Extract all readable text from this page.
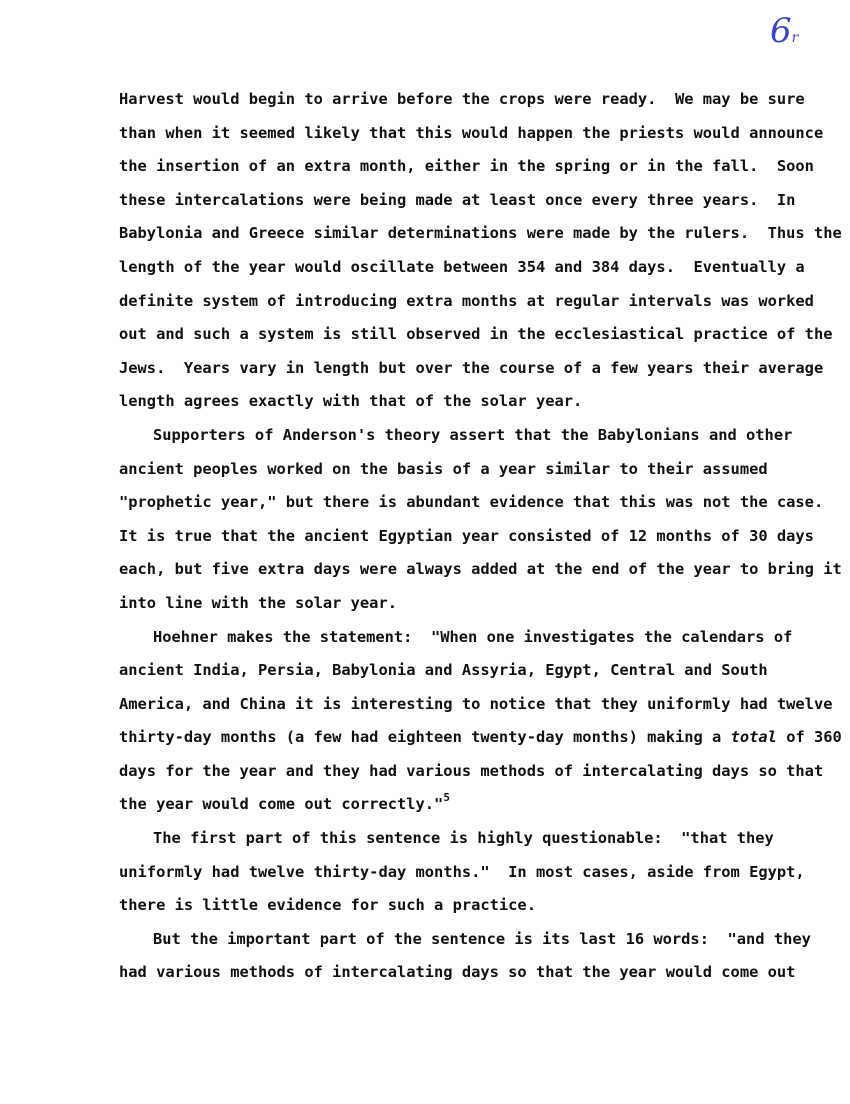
6r
Harvest would begin to arrive before the crops were ready.  We may be sure
than when it seemed likely that this would happen the priests would announce
the insertion of an extra month, either in the spring or in the fall.  Soon
these intercalations were being made at least once every three years.  In
Babylonia and Greece similar determinations were made by the rulers.  Thus the
length of the year would oscillate between 354 and 384 days.  Eventually a
definite system of introducing extra months at regular intervals was worked
out and such a system is still observed in the ecclesiastical practice of the
Jews.  Years vary in length but over the course of a few years their average
length agrees exactly with that of the solar year.
Supporters of Anderson's theory assert that the Babylonians and other
ancient peoples worked on the basis of a year similar to their assumed
"prophetic year," but there is abundant evidence that this was not the case.
It is true that the ancient Egyptian year consisted of 12 months of 30 days
each, but five extra days were always added at the end of the year to bring it
into line with the solar year.
Hoehner makes the statement:  "When one investigates the calendars of
ancient India, Persia, Babylonia and Assyria, Egypt, Central and South
America, and China it is interesting to notice that they uniformly had twelve
thirty-day months (a few had eighteen twenty-day months) making a total of 360
days for the year and they had various methods of intercalating days so that
the year would come out correctly."$^5$
The first part of this sentence is highly questionable:  "that they
uniformly had twelve thirty-day months."  In most cases, aside from Egypt,
there is little evidence for such a practice.
But the important part of the sentence is its last 16 words:  "and they
had various methods of intercalating days so that the year would come out
